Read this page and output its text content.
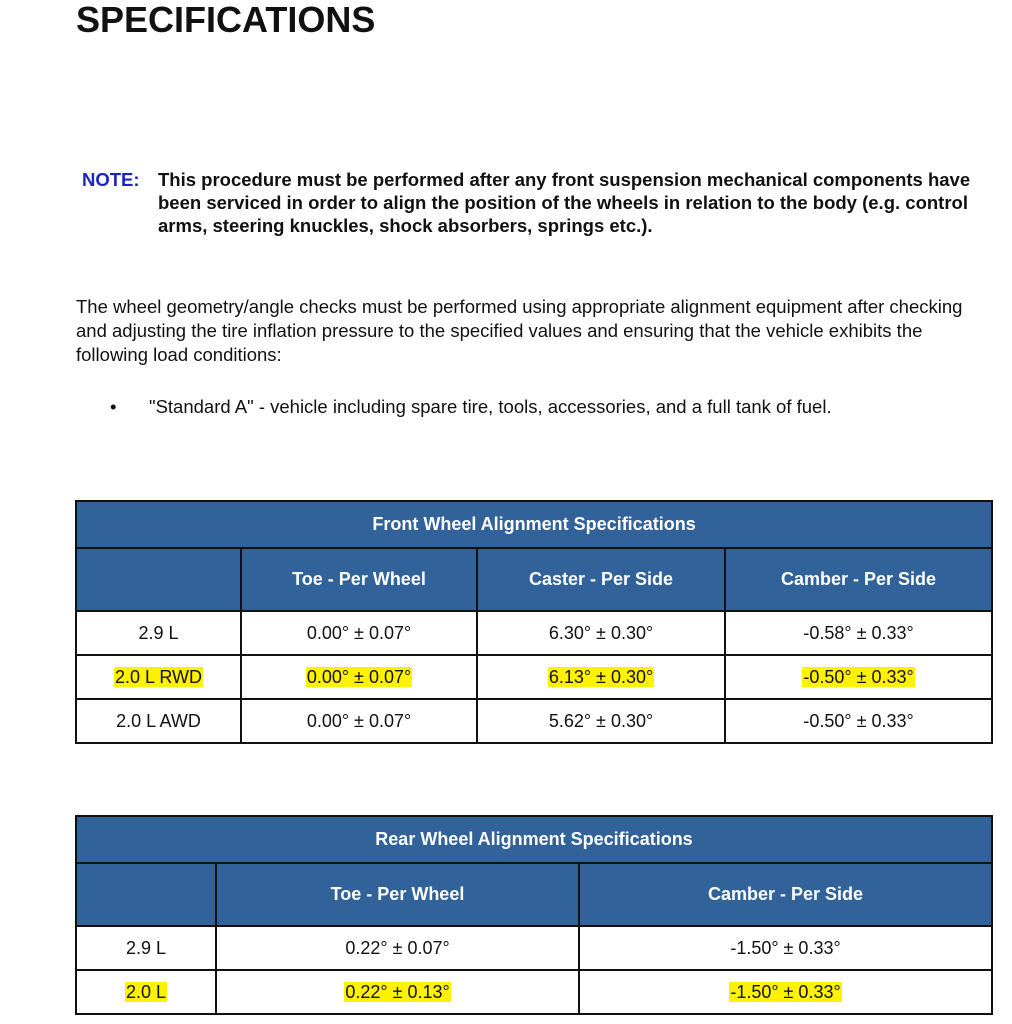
SPECIFICATIONS
NOTE: This procedure must be performed after any front suspension mechanical components have been serviced in order to align the position of the wheels in relation to the body (e.g. control arms, steering knuckles, shock absorbers, springs etc.).
The wheel geometry/angle checks must be performed using appropriate alignment equipment after checking and adjusting the tire inflation pressure to the specified values and ensuring that the vehicle exhibits the following load conditions:
• "Standard A" - vehicle including spare tire, tools, accessories, and a full tank of fuel.
Front Wheel Alignment Specifications			
	Toe - Per Wheel	Caster - Per Side	Camber - Per Side
2.9 L	0.00° ± 0.07°	6.30° ± 0.30°	-0.58° ± 0.33°
2.0 L RWD	0.00° ± 0.07°	6.13° ± 0.30°	-0.50° ± 0.33°
2.0 L AWD	0.00° ± 0.07°	5.62° ± 0.30°	-0.50° ± 0.33°
Rear Wheel Alignment Specifications		
	Toe - Per Wheel	Camber - Per Side
2.9 L	0.22° ± 0.07°	-1.50° ± 0.33°
2.0 L	0.22° ± 0.13°	-1.50° ± 0.33°
